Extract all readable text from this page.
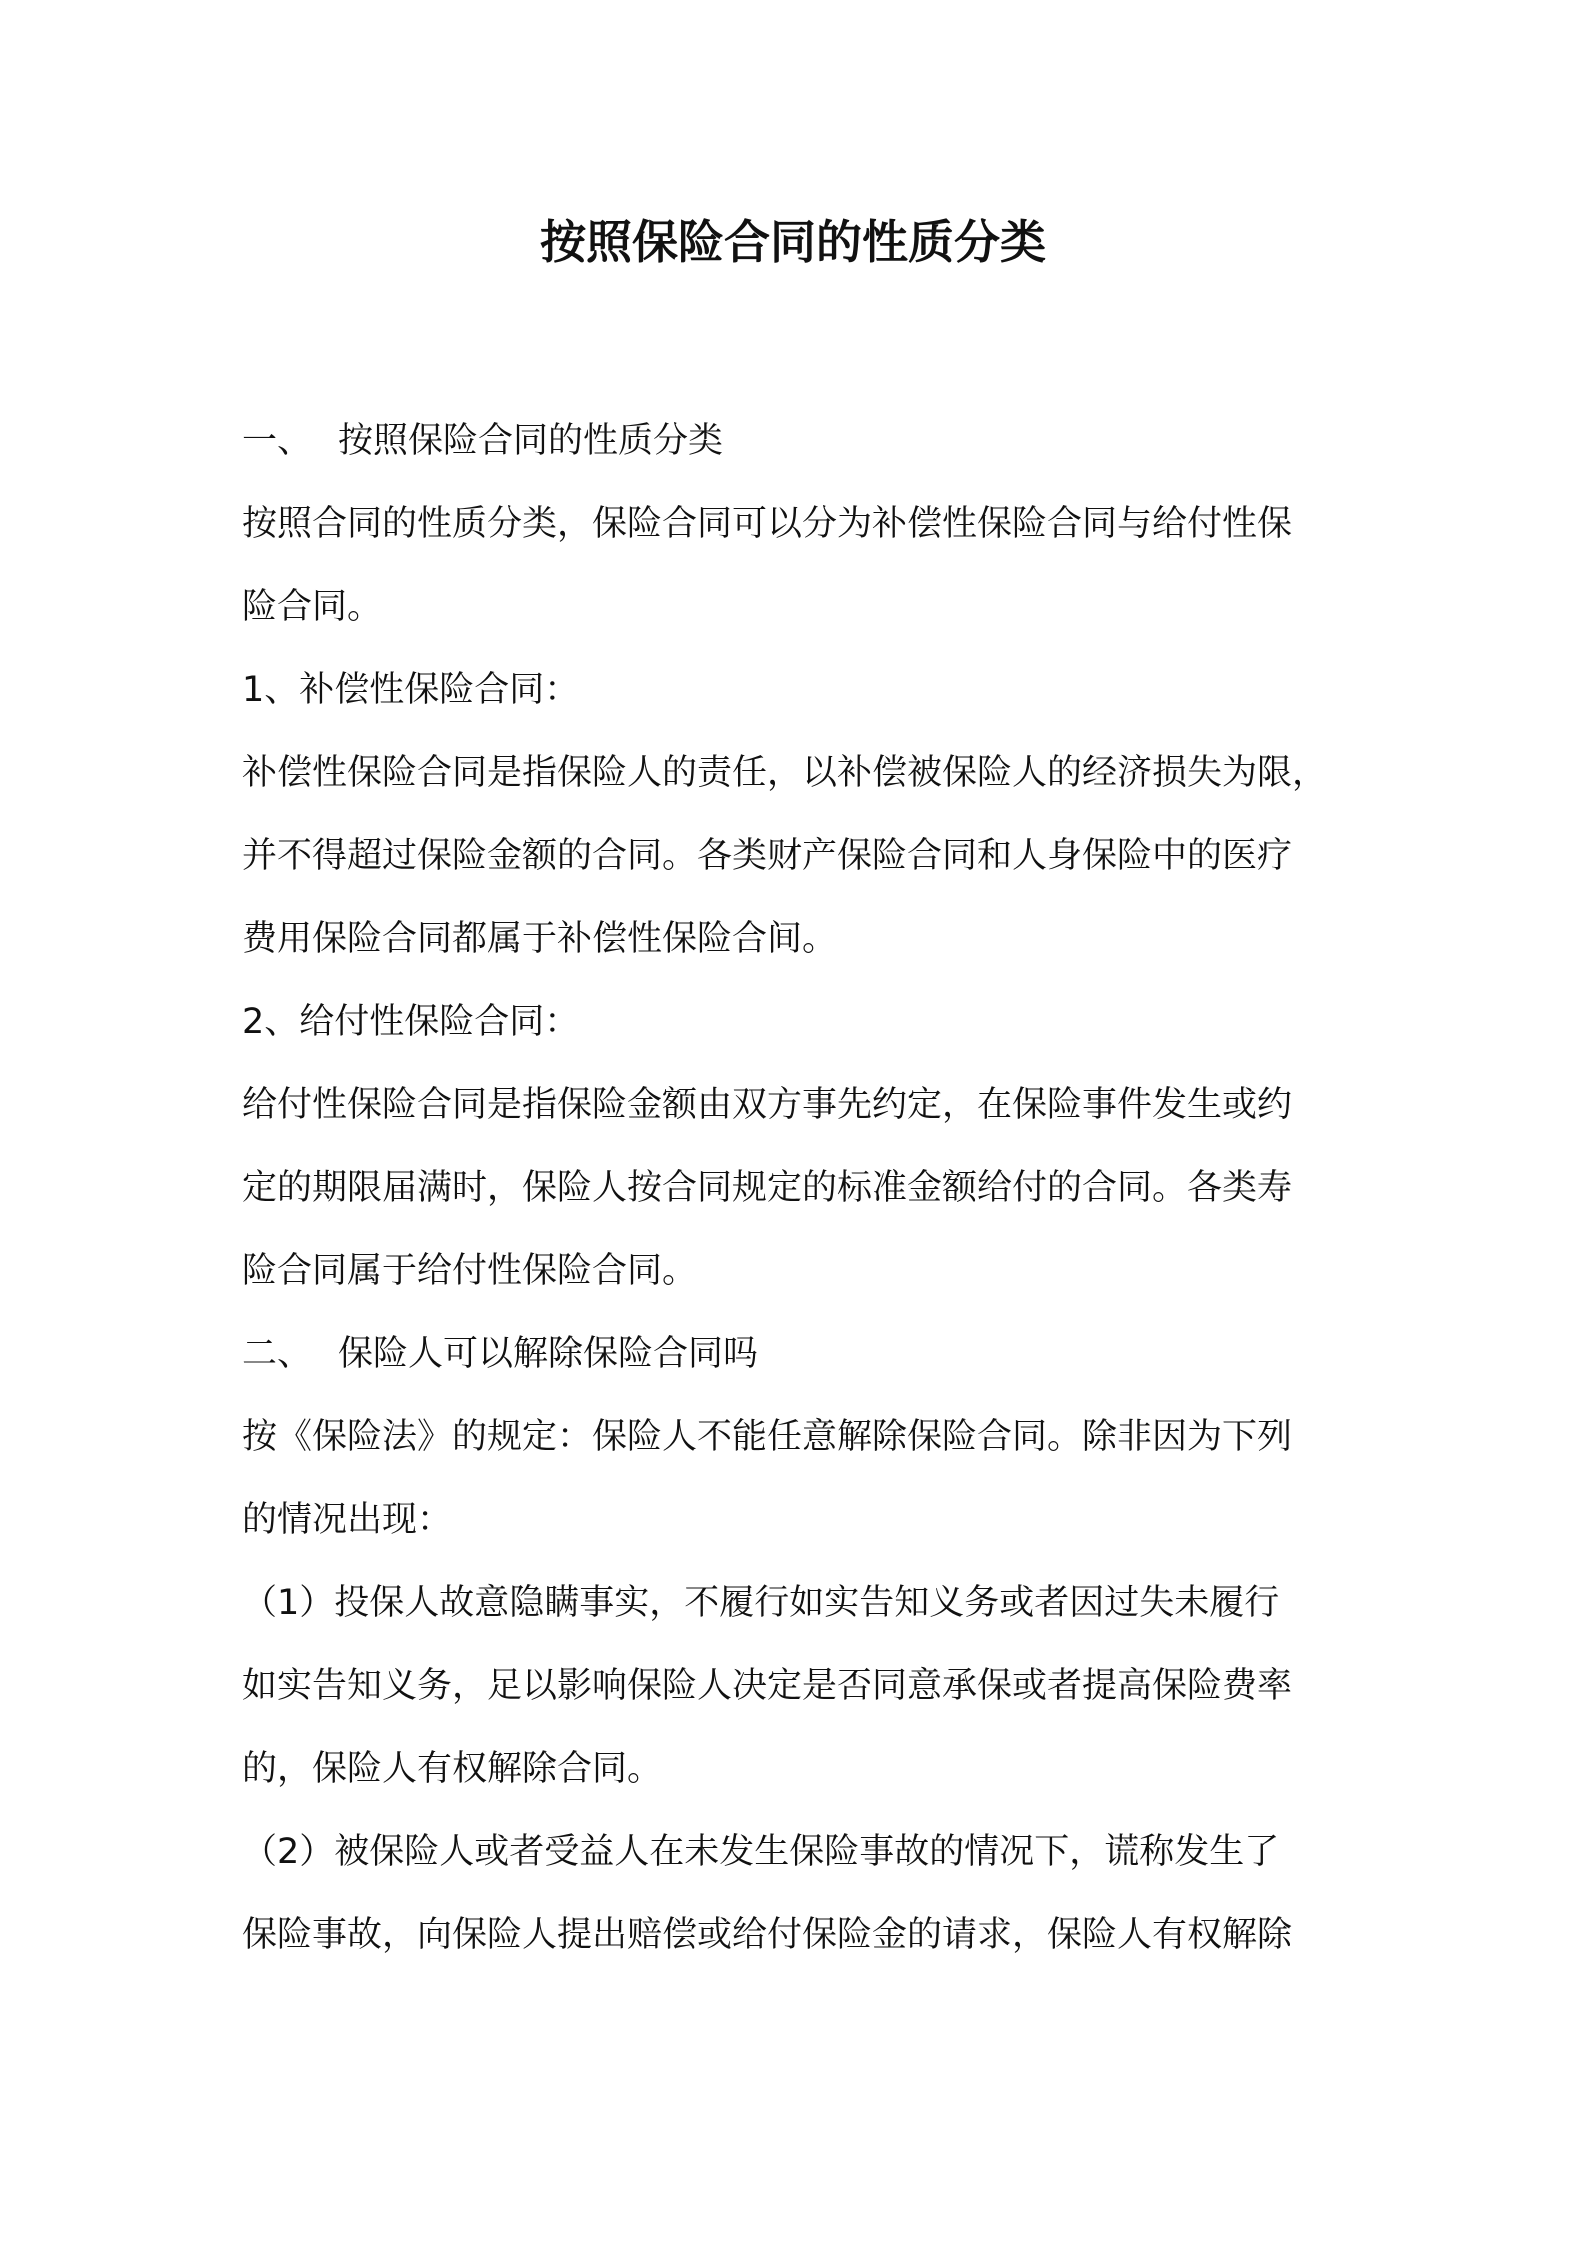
按照保险合同的性质分类
一、 按照保险合同的性质分类
按照合同的性质分类，保险合同可以分为补偿性保险合同与给付性保
险合同。
1、补偿性保险合同：
补偿性保险合同是指保险人的责任，以补偿被保险人的经济损失为限，
并不得超过保险金额的合同。各类财产保险合同和人身保险中的医疗
费用保险合同都属于补偿性保险合间。
2、给付性保险合同：
给付性保险合同是指保险金额由双方事先约定，在保险事件发生或约
定的期限届满时，保险人按合同规定的标准金额给付的合同。各类寿
险合同属于给付性保险合同。
二、 保险人可以解除保险合同吗
按《保险法》的规定：保险人不能任意解除保险合同。除非因为下列
的情况出现：
（1）投保人故意隐瞒事实，不履行如实告知义务或者因过失未履行
如实告知义务，足以影响保险人决定是否同意承保或者提高保险费率
的，保险人有权解除合同。
（2）被保险人或者受益人在未发生保险事故的情况下，谎称发生了
保险事故，向保险人提出赔偿或给付保险金的请求，保险人有权解除
